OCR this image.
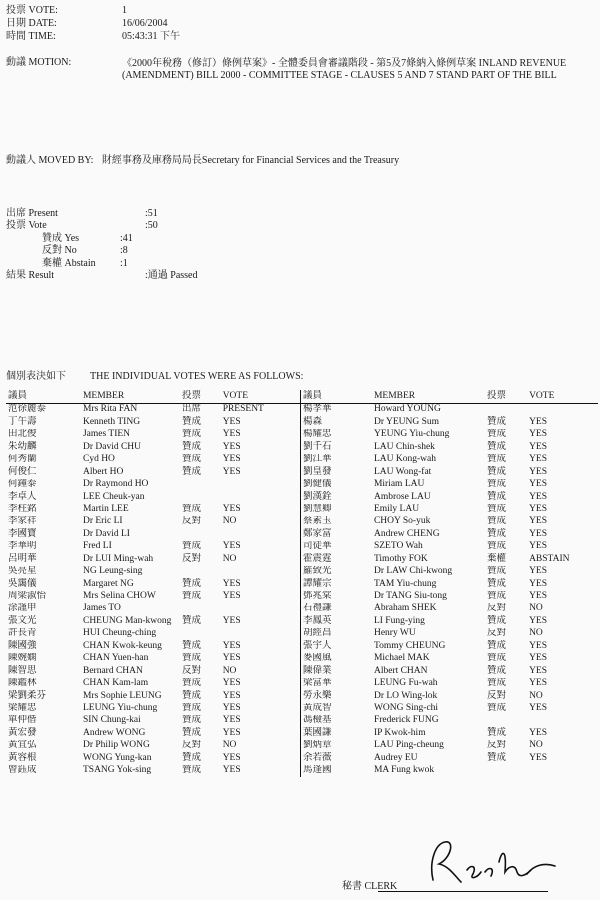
投票 VOTE:	1
日期 DATE:	16/06/2004
時間 TIME:	05:43:31 下午
動議 MOTION:	《2000年稅務（修訂）條例草案》- 全體委員會審議階段 - 第5及7條納入條例草案 INLAND REVENUE (AMENDMENT) BILL 2000 - COMMITTEE STAGE - CLAUSES 5 AND 7 STAND PART OF THE BILL
動議人 MOVED BY: 財經事務及庫務局局長Secretary for Financial Services and the Treasury
出席 Present	:51
投票 Vote	:50
贊成 Yes	:41
反對 No	:8
棄權 Abstain :1
結果 Result	:通過 Passed
個別表決如下 THE INDIVIDUAL VOTES WERE AS FOLLOWS:
議員	MEMBER	投票	VOTE
范徐麗泰	Mrs Rita FAN	出席	PRESENT
丁午壽	Kenneth TING	贊成	YES
田北俊	James TIEN	贊成	YES
朱幼麟	Dr David CHU	贊成	YES
何秀蘭	Cyd HO	贊成	YES
何俊仁	Albert HO	贊成	YES
何鍾泰	Dr Raymond HO		
李卓人	LEE Cheuk-yan		
李柱銘	Martin LEE	贊成	YES
李家祥	Dr Eric LI	反對	NO
李國寶	Dr David LI		
李華明	Fred LI	贊成	YES
呂明華	Dr LUI Ming-wah	反對	NO
吳亮星	NG Leung-sing		
吳靄儀	Margaret NG	贊成	YES
周梁淑怡	Mrs Selina CHOW	贊成	YES
涂謹申	James TO		
張文光	CHEUNG Man-kwong	贊成	YES
許長青	HUI Cheung-ching		
陳國強	CHAN Kwok-keung	贊成	YES
陳婉嫻	CHAN Yuen-han	贊成	YES
陳智思	Bernard CHAN	反對	NO
陳鑑林	CHAN Kam-lam	贊成	YES
梁劉柔芬	Mrs Sophie LEUNG	贊成	YES
梁耀忠	LEUNG Yiu-chung	贊成	YES
單仲偕	SIN Chung-kai	贊成	YES
黃宏發	Andrew WONG	贊成	YES
黃宜弘	Dr Philip WONG	反對	NO
黃容根	WONG Yung-kan	贊成	YES
曾鈺成	TSANG Yok-sing	贊成	YES
議員	MEMBER	投票	VOTE
楊孝華	Howard YOUNG		
楊森	Dr YEUNG Sum	贊成	YES
楊耀忠	YEUNG Yiu-chung	贊成	YES
劉千石	LAU Chin-shek	贊成	YES
劉江華	LAU Kong-wah	贊成	YES
劉皇發	LAU Wong-fat	贊成	YES
劉健儀	Miriam LAU	贊成	YES
劉漢銓	Ambrose LAU	贊成	YES
劉慧卿	Emily LAU	贊成	YES
蔡素玉	CHOY So-yuk	贊成	YES
鄭家富	Andrew CHENG	贊成	YES
司徒華	SZETO Wah	贊成	YES
霍震霆	Timothy FOK	棄權	ABSTAIN
羅致光	Dr LAW Chi-kwong	贊成	YES
譚耀宗	TAM Yiu-chung	贊成	YES
鄧兆棠	Dr TANG Siu-tong	贊成	YES
石禮謙	Abraham SHEK	反對	NO
李鳳英	LI Fung-ying	贊成	YES
胡經昌	Henry WU	反對	NO
張宇人	Tommy CHEUNG	贊成	YES
麥國風	Michael MAK	贊成	YES
陳偉業	Albert CHAN	贊成	YES
梁富華	LEUNG Fu-wah	贊成	YES
勞永樂	Dr LO Wing-lok	反對	NO
黃成智	WONG Sing-chi	贊成	YES
馮檢基	Frederick FUNG		
葉國謙	IP Kwok-him	贊成	YES
劉炳章	LAU Ping-cheung	反對	NO
余若薇	Audrey EU	贊成	YES
馬逢國	MA Fung kwok		
秘書 CLERK
